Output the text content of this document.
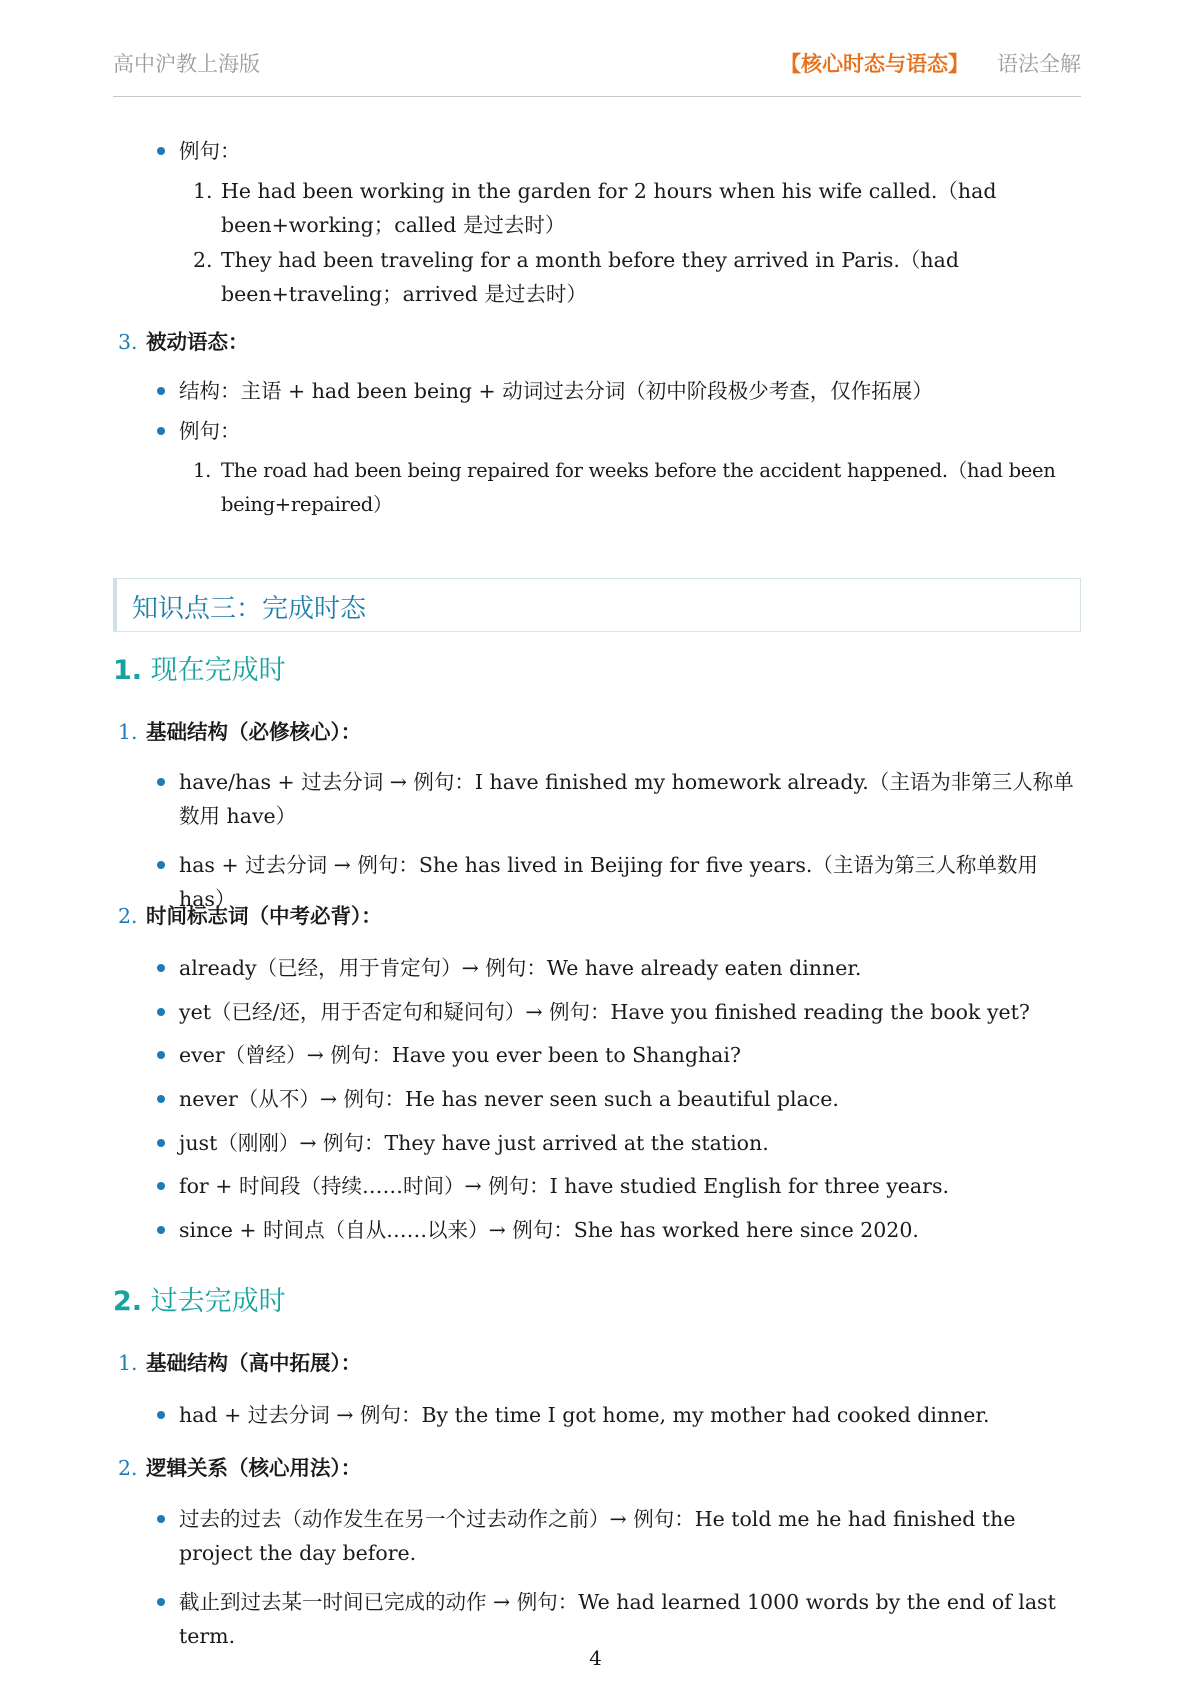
高中沪教上海版	【核心时态与语态】 语法全解
例句：
1. He had been working in the garden for 2 hours when his wife called.（had been+working；called 是过去时）
2. They had been traveling for a month before they arrived in Paris.（had been+traveling；arrived 是过去时）
3. 被动语态：
结构：主语 + had been being + 动词过去分词（初中阶段极少考查，仅作拓展）
例句：
1. The road had been being repaired for weeks before the accident happened.（had been being+repaired）
知识点三：完成时态
1. 现在完成时
1. 基础结构（必修核心）：
have/has + 过去分词 → 例句：I have finished my homework already.（主语为非第三人称单数用 have）
has + 过去分词 → 例句：She has lived in Beijing for five years.（主语为第三人称单数用 has）
2. 时间标志词（中考必背）：
already（已经，用于肯定句）→ 例句：We have already eaten dinner.
yet（已经/还，用于否定句和疑问句）→ 例句：Have you finished reading the book yet?
ever（曾经）→ 例句：Have you ever been to Shanghai?
never（从不）→ 例句：He has never seen such a beautiful place.
just（刚刚）→ 例句：They have just arrived at the station.
for + 时间段（持续……时间）→ 例句：I have studied English for three years.
since + 时间点（自从……以来）→ 例句：She has worked here since 2020.
2. 过去完成时
1. 基础结构（高中拓展）：
had + 过去分词 → 例句：By the time I got home, my mother had cooked dinner.
2. 逻辑关系（核心用法）：
过去的过去（动作发生在另一个过去动作之前）→ 例句：He told me he had finished the project the day before.
截止到过去某一时间已完成的动作 → 例句：We had learned 1000 words by the end of last term.
4
